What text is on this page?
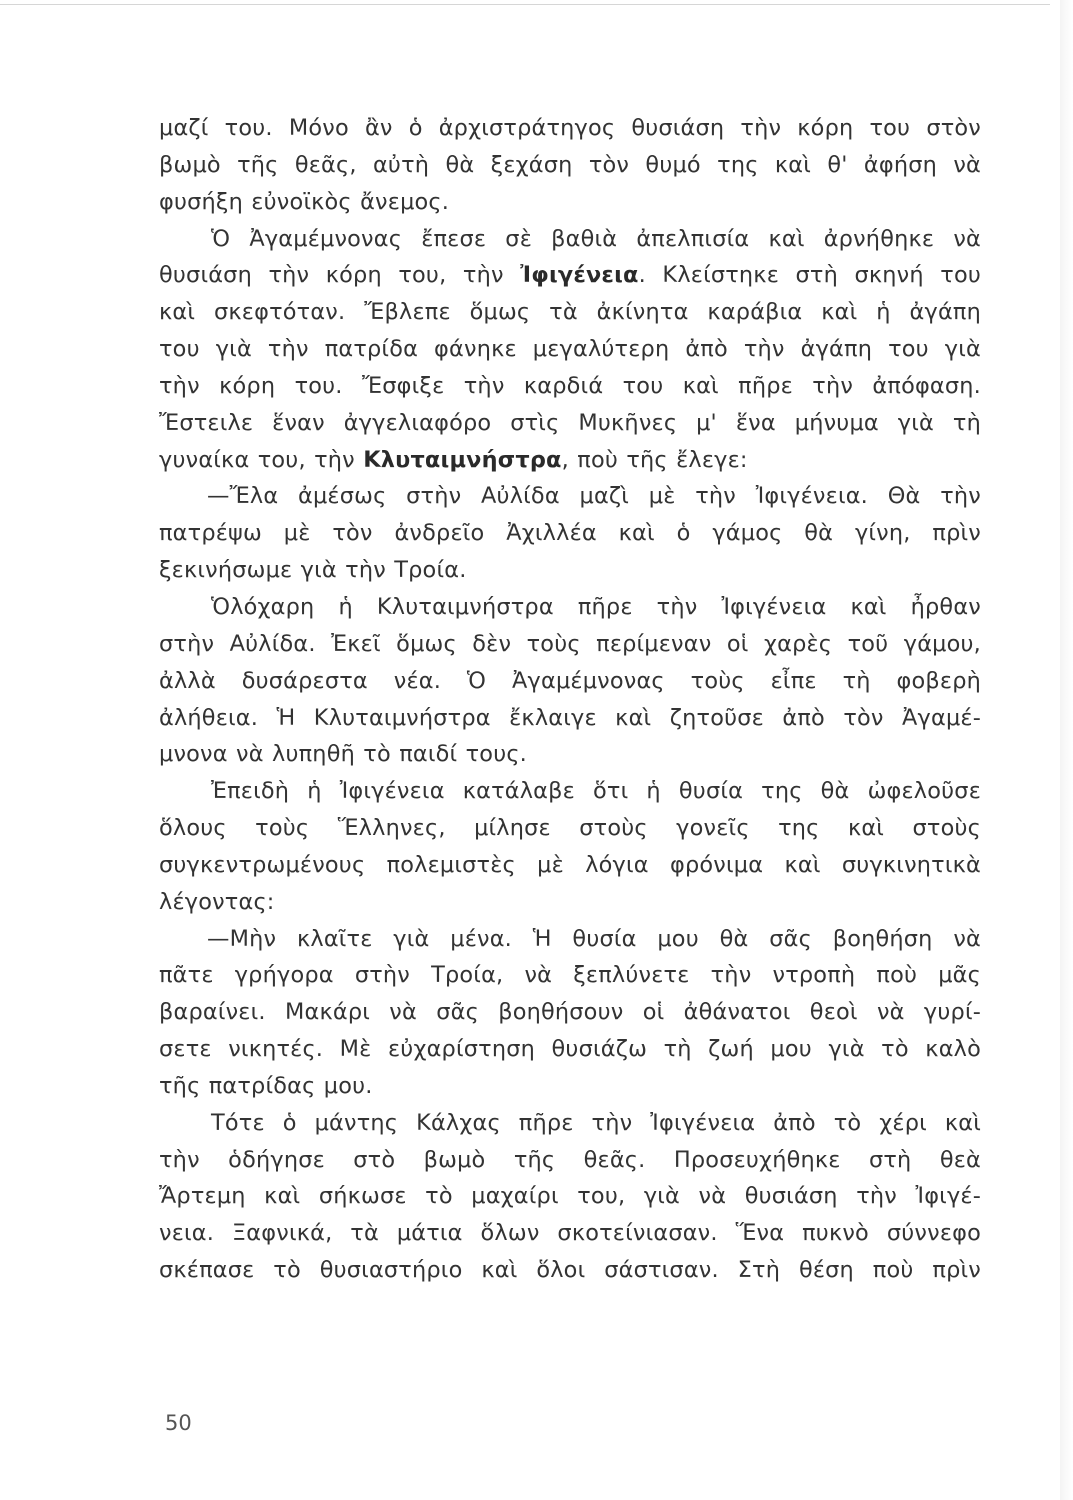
μαζί του. Μόνο ἂν ὁ ἀρχιστράτηγος θυσιάση τὴν κόρη του στὸν
βωμὸ τῆς θεᾶς, αὐτὴ θὰ ξεχάση τὸν θυμό της καὶ θ' ἀφήση νὰ
φυσήξη εὐνοϊκὸς ἄνεμος.
Ὁ Ἀγαμέμνονας ἔπεσε σὲ βαθιὰ ἀπελπισία καὶ ἀρνήθηκε νὰ
θυσιάση τὴν κόρη του, τὴν Ἰφιγένεια. Κλείστηκε στὴ σκηνή του
καὶ σκεφτόταν. Ἔβλεπε ὅμως τὰ ἀκίνητα καράβια καὶ ἡ ἀγάπη
του γιὰ τὴν πατρίδα φάνηκε μεγαλύτερη ἀπὸ τὴν ἀγάπη του γιὰ
τὴν κόρη του. Ἔσφιξε τὴν καρδιά του καὶ πῆρε τὴν ἀπόφαση.
Ἔστειλε ἕναν ἀγγελιαφόρο στὶς Μυκῆνες μ' ἕνα μήνυμα γιὰ τὴ
γυναίκα του, τὴν Κλυταιμνήστρα, ποὺ τῆς ἔλεγε:
—Ἔλα ἀμέσως στὴν Αὐλίδα μαζὶ μὲ τὴν Ἰφιγένεια. Θὰ τὴν
πατρέψω μὲ τὸν ἀνδρεῖο Ἀχιλλέα καὶ ὁ γάμος θὰ γίνη, πρὶν
ξεκινήσωμε γιὰ τὴν Τροία.
Ὁλόχαρη ἡ Κλυταιμνήστρα πῆρε τὴν Ἰφιγένεια καὶ ἦρθαν
στὴν Αὐλίδα. Ἐκεῖ ὅμως δὲν τοὺς περίμεναν οἱ χαρὲς τοῦ γάμου,
ἀλλὰ δυσάρεστα νέα. Ὁ Ἀγαμέμνονας τοὺς εἶπε τὴ φοβερὴ
ἀλήθεια. Ἡ Κλυταιμνήστρα ἔκλαιγε καὶ ζητοῦσε ἀπὸ τὸν Ἀγαμέ-
μνονα νὰ λυπηθῆ τὸ παιδί τους.
Ἐπειδὴ ἡ Ἰφιγένεια κατάλαβε ὅτι ἡ θυσία της θὰ ὠφελοῦσε
ὅλους τοὺς Ἕλληνες, μίλησε στοὺς γονεῖς της καὶ στοὺς
συγκεντρωμένους πολεμιστὲς μὲ λόγια φρόνιμα καὶ συγκινητικὰ
λέγοντας:
—Μὴν κλαῖτε γιὰ μένα. Ἡ θυσία μου θὰ σᾶς βοηθήση νὰ
πᾶτε γρήγορα στὴν Τροία, νὰ ξεπλύνετε τὴν ντροπὴ ποὺ μᾶς
βαραίνει. Μακάρι νὰ σᾶς βοηθήσουν οἱ ἀθάνατοι θεοὶ νὰ γυρί-
σετε νικητές. Μὲ εὐχαρίστηση θυσιάζω τὴ ζωή μου γιὰ τὸ καλὸ
τῆς πατρίδας μου.
Τότε ὁ μάντης Κάλχας πῆρε τὴν Ἰφιγένεια ἀπὸ τὸ χέρι καὶ
τὴν ὁδήγησε στὸ βωμὸ τῆς θεᾶς. Προσευχήθηκε στὴ θεὰ
Ἄρτεμη καὶ σήκωσε τὸ μαχαίρι του, γιὰ νὰ θυσιάση τὴν Ἰφιγέ-
νεια. Ξαφνικά, τὰ μάτια ὅλων σκοτείνιασαν. Ἕνα πυκνὸ σύννεφο
σκέπασε τὸ θυσιαστήριο καὶ ὅλοι σάστισαν. Στὴ θέση ποὺ πρὶν
50
